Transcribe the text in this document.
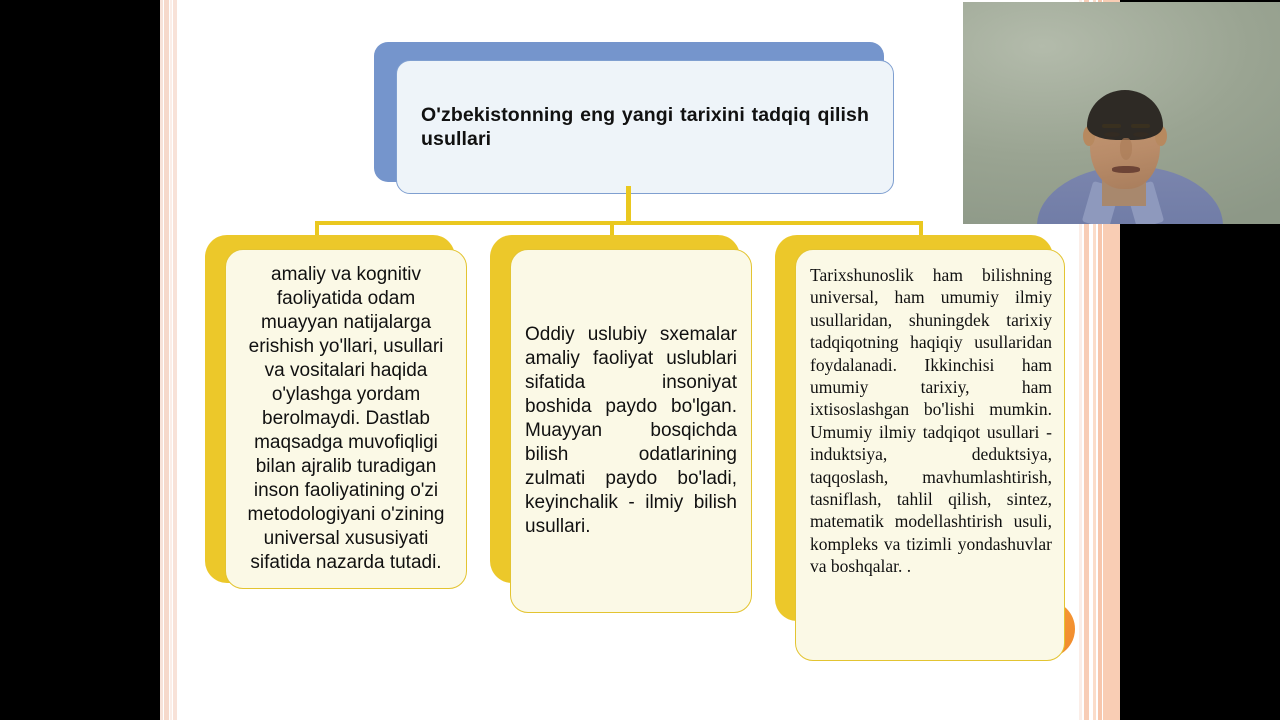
O'zbekistonning eng yangi tarixini tadqiq qilish usullari
amaliy va kognitiv faoliyatida odam muayyan natijalarga erishish yo'llari, usullari va vositalari haqida o'ylashga yordam berolmaydi. Dastlab maqsadga muvofiqligi bilan ajralib turadigan inson faoliyatining o'zi metodologiyani o'zining universal xususiyati sifatida nazarda tutadi.
Oddiy uslubiy sxemalar amaliy faoliyat uslublari sifatida insoniyat boshida paydo bo'lgan. Muayyan bosqichda bilish odatlarining zulmati paydo bo'ladi, keyinchalik - ilmiy bilish usullari.
Tarixshunoslik ham bilishning universal, ham umumiy ilmiy usullaridan, shuningdek tarixiy tadqiqotning haqiqiy usullaridan foydalanadi. Ikkinchisi ham umumiy tarixiy, ham ixtisoslashgan bo'lishi mumkin. Umumiy ilmiy tadqiqot usullari - induktsiya, deduktsiya, taqqoslash, mavhumlashtirish, tasniflash, tahlil qilish, sintez, matematik modellashtirish usuli, kompleks va tizimli yondashuvlar va boshqalar. .
